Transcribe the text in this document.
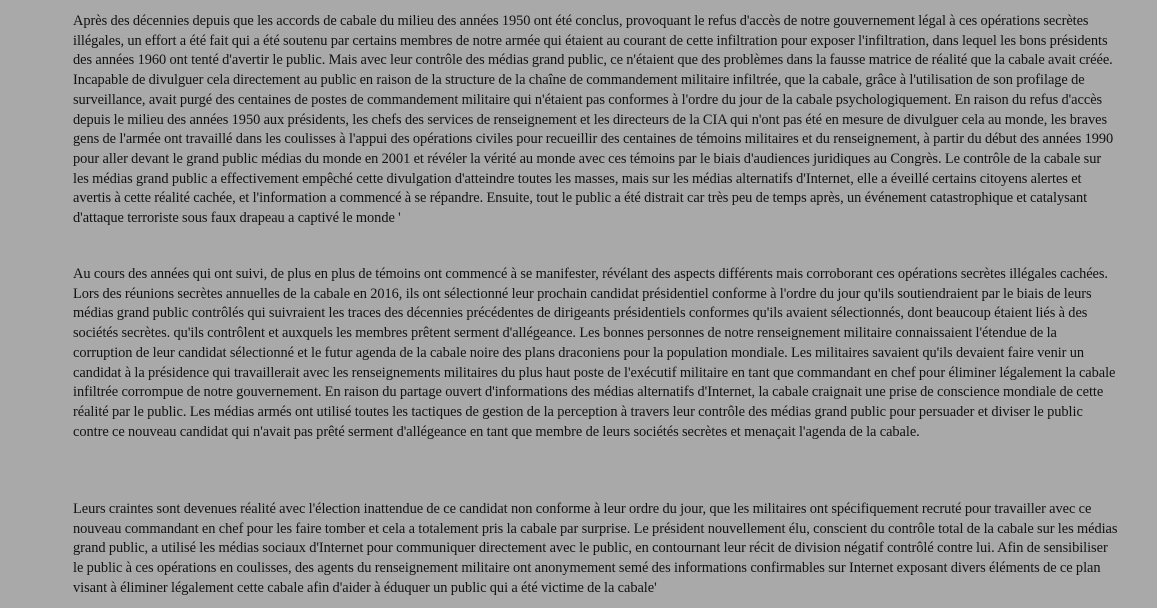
Après des décennies depuis que les accords de cabale du milieu des années 1950 ont été conclus, provoquant le refus d'accès de notre gouvernement légal à ces opérations secrètes illégales, un effort a été fait qui a été soutenu par certains membres de notre armée qui étaient au courant de cette infiltration pour exposer l'infiltration, dans lequel les bons présidents des années 1960 ont tenté d'avertir le public. Mais avec leur contrôle des médias grand public, ce n'étaient que des problèmes dans la fausse matrice de réalité que la cabale avait créée. Incapable de divulguer cela directement au public en raison de la structure de la chaîne de commandement militaire infiltrée, que la cabale, grâce à l'utilisation de son profilage de surveillance, avait purgé des centaines de postes de commandement militaire qui n'étaient pas conformes à l'ordre du jour de la cabale psychologiquement. En raison du refus d'accès depuis le milieu des années 1950 aux présidents, les chefs des services de renseignement et les directeurs de la CIA qui n'ont pas été en mesure de divulguer cela au monde, les braves gens de l'armée ont travaillé dans les coulisses à l'appui des opérations civiles pour recueillir des centaines de témoins militaires et du renseignement, à partir du début des années 1990 pour aller devant le grand public médias du monde en 2001 et révéler la vérité au monde avec ces témoins par le biais d'audiences juridiques au Congrès. Le contrôle de la cabale sur les médias grand public a effectivement empêché cette divulgation d'atteindre toutes les masses, mais sur les médias alternatifs d'Internet, elle a éveillé certains citoyens alertes et avertis à cette réalité cachée, et l'information a commencé à se répandre. Ensuite, tout le public a été distrait car très peu de temps après, un événement catastrophique et catalysant d'attaque terroriste sous faux drapeau a captivé le monde '

Au cours des années qui ont suivi, de plus en plus de témoins ont commencé à se manifester, révélant des aspects différents mais corroborant ces opérations secrètes illégales cachées. Lors des réunions secrètes annuelles de la cabale en 2016, ils ont sélectionné leur prochain candidat présidentiel conforme à l'ordre du jour qu'ils soutiendraient par le biais de leurs médias grand public contrôlés qui suivraient les traces des décennies précédentes de dirigeants présidentiels conformes qu'ils avaient sélectionnés, dont beaucoup étaient liés à des sociétés secrètes. qu'ils contrôlent et auxquels les membres prêtent serment d'allégeance. Les bonnes personnes de notre renseignement militaire connaissaient l'étendue de la corruption de leur candidat sélectionné et le futur agenda de la cabale noire des plans draconiens pour la population mondiale. Les militaires savaient qu'ils devaient faire venir un candidat à la présidence qui travaillerait avec les renseignements militaires du plus haut poste de l'exécutif militaire en tant que commandant en chef pour éliminer légalement la cabale infiltrée corrompue de notre gouvernement. En raison du partage ouvert d'informations des médias alternatifs d'Internet, la cabale craignait une prise de conscience mondiale de cette réalité par le public. Les médias armés ont utilisé toutes les tactiques de gestion de la perception à travers leur contrôle des médias grand public pour persuader et diviser le public contre ce nouveau candidat qui n'avait pas prêté serment d'allégeance en tant que membre de leurs sociétés secrètes et menaçait l'agenda de la cabale.

Leurs craintes sont devenues réalité avec l'élection inattendue de ce candidat non conforme à leur ordre du jour, que les militaires ont spécifiquement recruté pour travailler avec ce nouveau commandant en chef pour les faire tomber et cela a totalement pris la cabale par surprise. Le président nouvellement élu, conscient du contrôle total de la cabale sur les médias grand public, a utilisé les médias sociaux d'Internet pour communiquer directement avec le public, en contournant leur récit de division négatif contrôlé contre lui. Afin de sensibiliser le public à ces opérations en coulisses, des agents du renseignement militaire ont anonymement semé des informations confirmables sur Internet exposant divers éléments de ce plan visant à éliminer légalement cette cabale afin d'aider à éduquer un public qui a été victime de la cabale'
